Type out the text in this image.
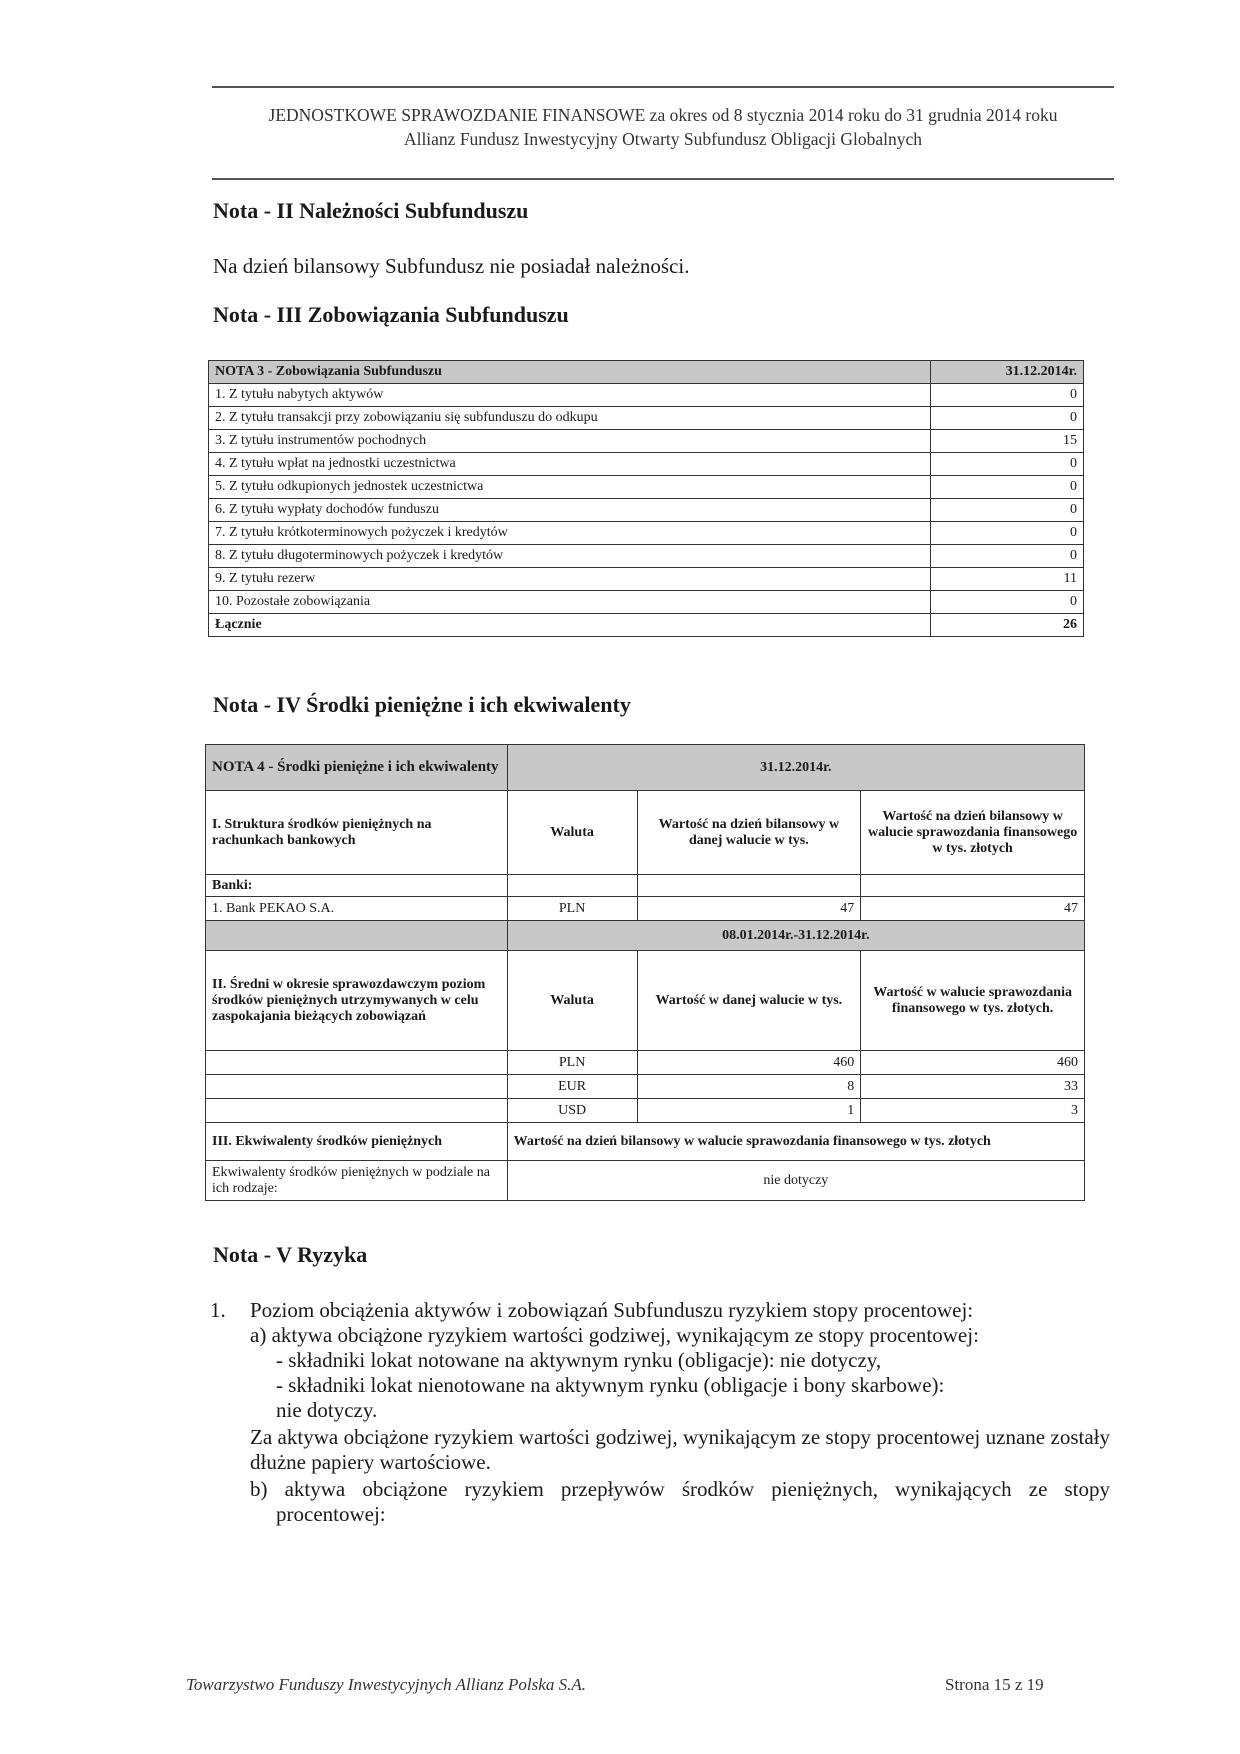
JEDNOSTKOWE SPRAWOZDANIE FINANSOWE za okres od 8 stycznia 2014 roku do 31 grudnia 2014 roku
Allianz Fundusz Inwestycyjny Otwarty Subfundusz Obligacji Globalnych
Nota - II Należności Subfunduszu
Na dzień bilansowy Subfundusz nie posiadał należności.
Nota - III Zobowiązania Subfunduszu
NOTA 3 - Zobowiązania Subfunduszu	31.12.2014r.
1. Z tytułu nabytych aktywów	0
2. Z tytułu transakcji przy zobowiązaniu się subfunduszu do odkupu	0
3. Z tytułu instrumentów pochodnych	15
4. Z tytułu wpłat na jednostki uczestnictwa	0
5. Z tytułu odkupionych jednostek uczestnictwa	0
6. Z tytułu wypłaty dochodów funduszu	0
7. Z tytułu krótkoterminowych pożyczek i kredytów	0
8. Z tytułu długoterminowych pożyczek i kredytów	0
9. Z tytułu rezerw	11
10. Pozostałe zobowiązania	0
Łącznie	26
Nota - IV Środki pieniężne i ich ekwiwalenty
NOTA 4 - Środki pieniężne i ich ekwiwalenty	31.12.2014r.		
I. Struktura środków pieniężnych na rachunkach bankowych	Waluta	Wartość na dzień bilansowy w danej walucie w tys.	Wartość na dzień bilansowy w walucie sprawozdania finansowego w tys. złotych
Banki:			
1. Bank PEKAO S.A.	PLN	47	47
	08.01.2014r.-31.12.2014r.		
II. Średni w okresie sprawozdawczym poziom środków pieniężnych utrzymywanych w celu zaspokajania bieżących zobowiązań	Waluta	Wartość w danej walucie w tys.	Wartość w walucie sprawozdania finansowego w tys. złotych.
	PLN	460	460
	EUR	8	33
	USD	1	3
III. Ekwiwalenty środków pieniężnych	Wartość na dzień bilansowy w walucie sprawozdania finansowego w tys. złotych		
Ekwiwalenty środków pieniężnych w podziale na ich rodzaje:	nie dotyczy		
Nota - V Ryzyka
1. Poziom obciążenia aktywów i zobowiązań Subfunduszu ryzykiem stopy procentowej:
a) aktywa obciążone ryzykiem wartości godziwej, wynikającym ze stopy procentowej:
- składniki lokat notowane na aktywnym rynku (obligacje): nie dotyczy,
- składniki lokat nienotowane na aktywnym rynku (obligacje i bony skarbowe):
nie dotyczy.
Za aktywa obciążone ryzykiem wartości godziwej, wynikającym ze stopy procentowej uznane zostały dłużne papiery wartościowe.
b) aktywa obciążone ryzykiem przepływów środków pieniężnych, wynikających ze stopy procentowej:
Towarzystwo Funduszy Inwestycyjnych Allianz Polska S.A.	Strona 15 z 19
